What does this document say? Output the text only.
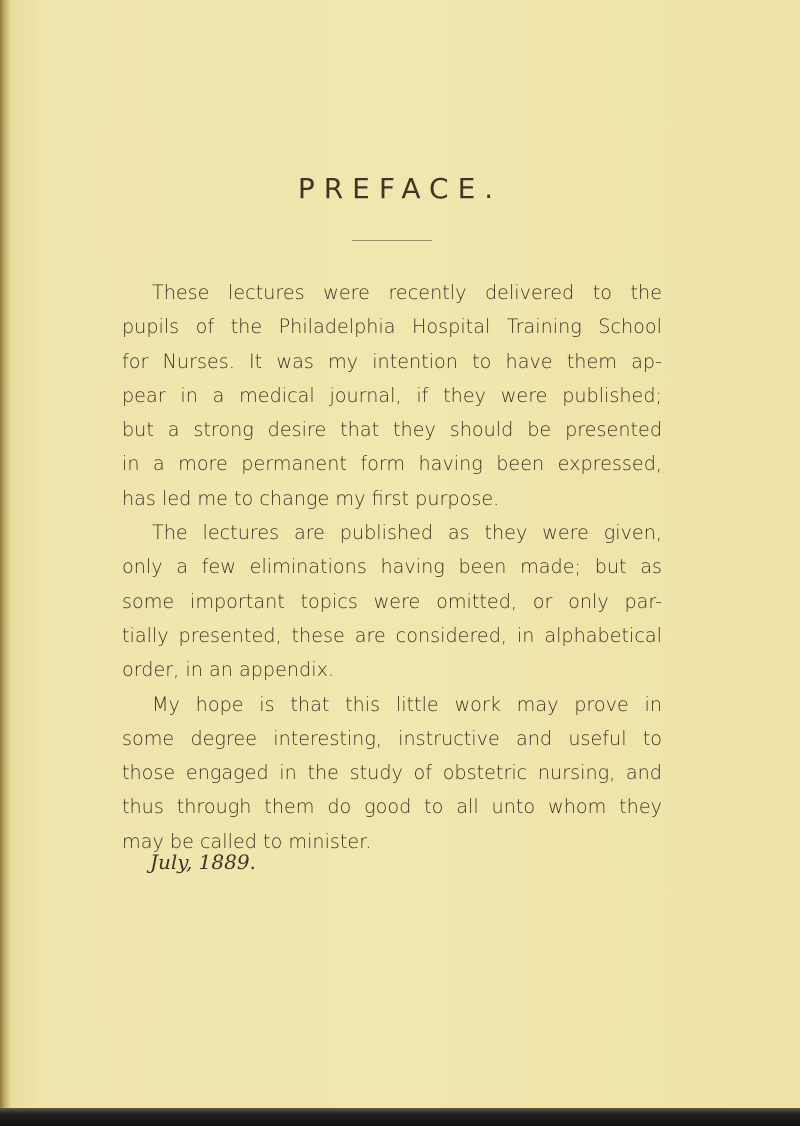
PREFACE.
These lectures were recently delivered to the
pupils of the Philadelphia Hospital Training School
for Nurses. It was my intention to have them ap-
pear in a medical journal, if they were published;
but a strong desire that they should be presented
in a more permanent form having been expressed,
has led me to change my first purpose.
The lectures are published as they were given,
only a few eliminations having been made; but as
some important topics were omitted, or only par-
tially presented, these are considered, in alphabetical
order, in an appendix.
My hope is that this little work may prove in
some degree interesting, instructive and useful to
those engaged in the study of obstetric nursing, and
thus through them do good to all unto whom they
may be called to minister.
July, 1889.
